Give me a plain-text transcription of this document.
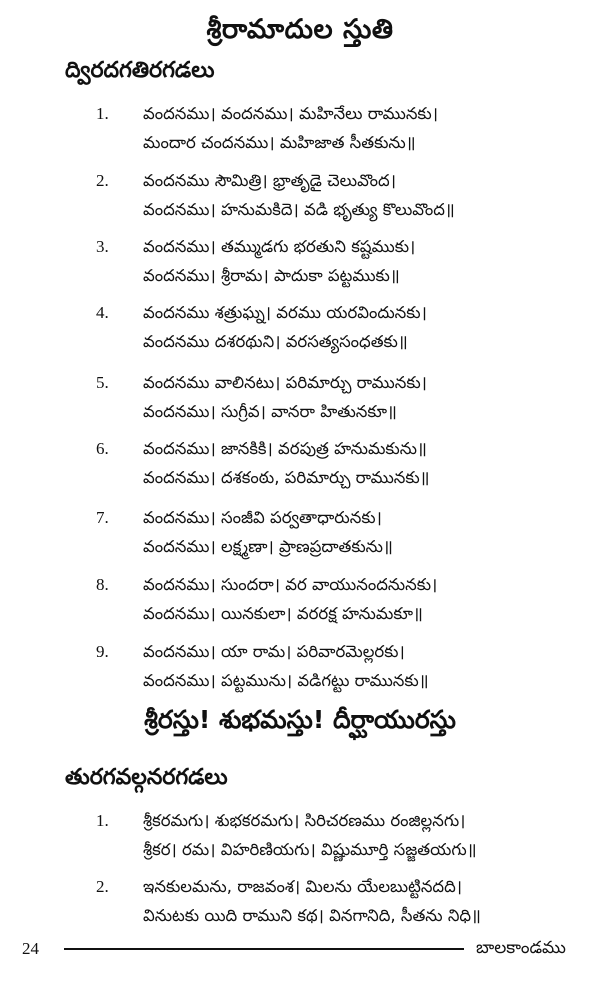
శ్రీరామాదుల స్తుతి
ద్విరదగతిరగడలు
1. వందనము। వందనము। మహినేలు రామునకు।
మందార చందనము। మహిజాత సీతకును॥
2. వందనము సౌమిత్రి। భ్రాతృడై చెలువొంద।
వందనము। హనుమకిదె। వడి భృత్యు కొలువొంద॥
3. వందనము। తమ్ముడగు భరతుని కష్టముకు।
వందనము। శ్రీరామ। పాదుకా పట్టముకు॥
4. వందనము శత్రుఘ్న। వరము యరవిందునకు।
వందనము దశరథుని। వరసత్యసంధతకు॥
5. వందనము వాలినటు। పరిమార్చు రామునకు।
వందనము। సుగ్రీవ। వానరా హితునకూ॥
6. వందనము। జానకికి। వరపుత్ర హనుమకును॥
వందనము। దశకంఠు, పరిమార్చు రామునకు॥
7. వందనము। సంజీవి పర్వతాధారునకు।
వందనము। లక్ష్మణా। ప్రాణప్రదాతకును॥
8. వందనము। సుందరా। వర వాయునందనునకు।
వందనము। యినకులా। వరరక్ష హనుమకూ॥
9. వందనము। యా రామ। పరివారమెల్లరకు।
వందనము। పట్టమును। వడిగట్టు రామునకు॥
శ్రీరస్తు! శుభమస్తు! దీర్ఘాయురస్తు
తురగవల్గనరగడలు
1. శ్రీకరమగు। శుభకరమగు। సిరిచరణము రంజిల్లనగు।
శ్రీకర। రమ। విహరిణియగు। విష్ణుమూర్తి సజ్జతయగు॥
2. ఇనకులమను, రాజవంశ। మిలను యేలబుట్టినదది।
వినుటకు యిది రాముని కథ। వినగానిది, సీతను నిధి॥
24	బాలకాండము
